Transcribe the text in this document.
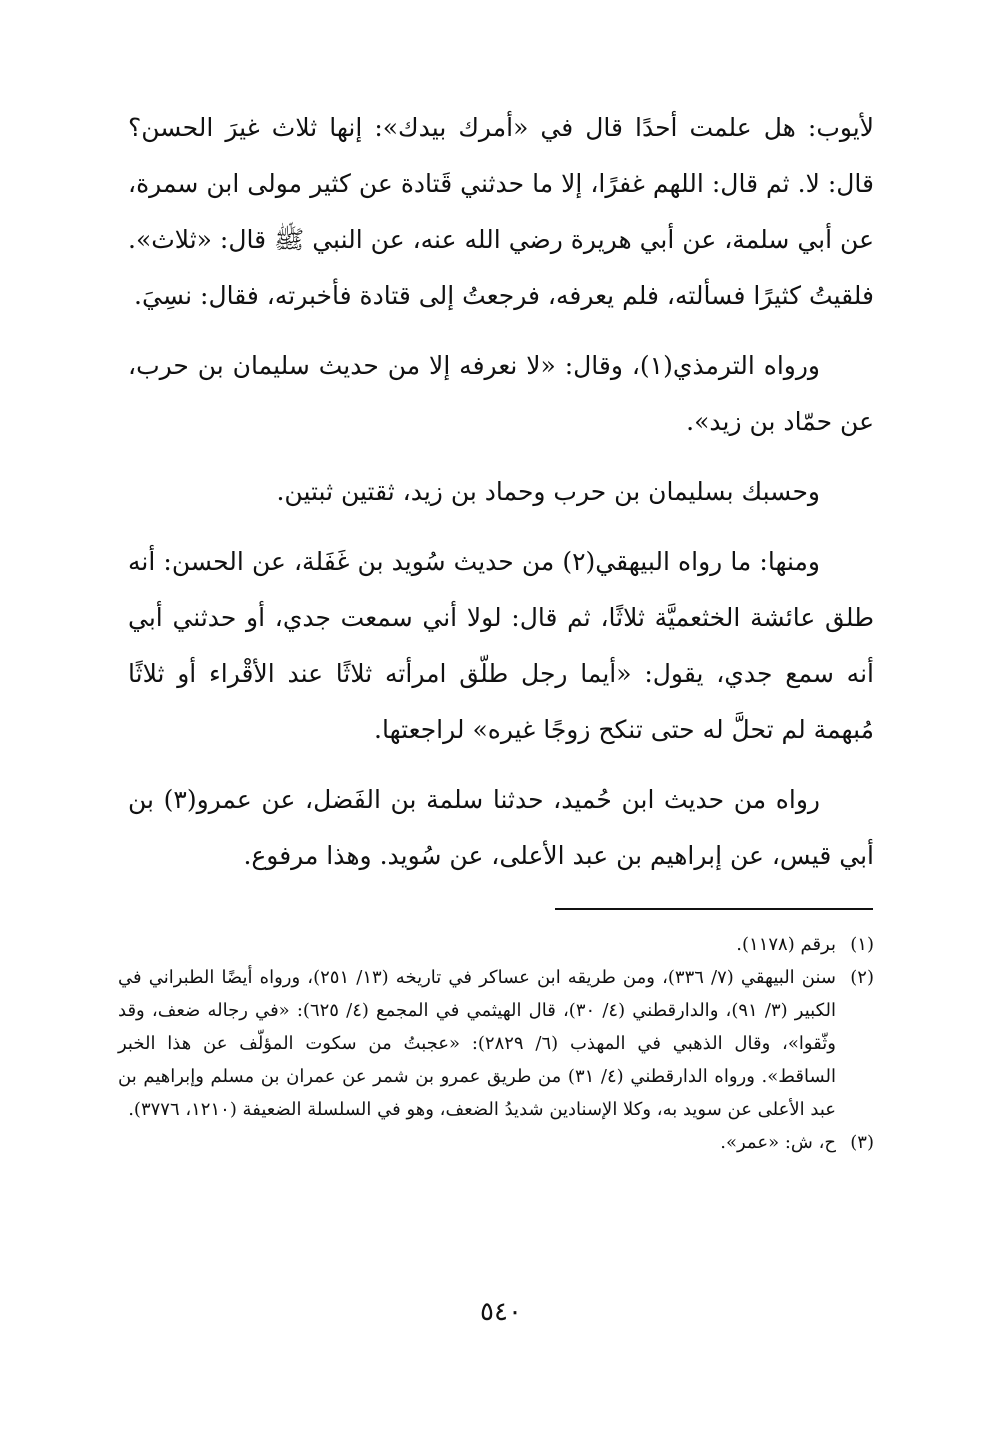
لأيوب: هل علمت أحدًا قال في «أمرك بيدك»: إنها ثلاث غيرَ الحسن؟ قال: لا. ثم قال: اللهم غفرًا، إلا ما حدثني قَتادة عن كثير مولى ابن سمرة، عن أبي سلمة، عن أبي هريرة رضي الله عنه، عن النبي ﷺ قال: «ثلاث». فلقيتُ كثيرًا فسألته، فلم يعرفه، فرجعتُ إلى قتادة فأخبرته، فقال: نسِيَ.

ورواه الترمذي(١)، وقال: «لا نعرفه إلا من حديث سليمان بن حرب، عن حمّاد بن زيد».

وحسبك بسليمان بن حرب وحماد بن زيد، ثقتين ثبتين.

ومنها: ما رواه البيهقي(٢) من حديث سُويد بن غَفَلة، عن الحسن: أنه طلق عائشة الخثعميَّة ثلاثًا، ثم قال: لولا أني سمعت جدي، أو حدثني أبي أنه سمع جدي، يقول: «أيما رجل طلّق امرأته ثلاثًا عند الأقْراء أو ثلاثًا مُبهمة لم تحلَّ له حتى تنكح زوجًا غيره» لراجعتها.

رواه من حديث ابن حُميد، حدثنا سلمة بن الفَضل، عن عمرو(٣) بن أبي قيس، عن إبراهيم بن عبد الأعلى، عن سُويد. وهذا مرفوع.

(١)
برقم (١١٧٨).
(٢)
سنن البيهقي (٧/ ٣٣٦)، ومن طريقه ابن عساكر في تاريخه (١٣/ ٢٥١)، ورواه أيضًا الطبراني في الكبير (٣/ ٩١)، والدارقطني (٤/ ٣٠)، قال الهيثمي في المجمع (٤/ ٦٢٥): «في رجاله ضعف، وقد وثّقوا»، وقال الذهبي في المهذب (٦/ ٢٨٢٩): «عجبتُ من سكوت المؤلّف عن هذا الخبر الساقط». ورواه الدارقطني (٤/ ٣١) من طريق عمرو بن شمر عن عمران بن مسلم وإبراهيم بن عبد الأعلى عن سويد به، وكلا الإسنادين شديدُ الضعف، وهو في السلسلة الضعيفة (١٢١٠، ٣٧٧٦).
(٣)
ح، ش: «عمر».
٥٤٠
